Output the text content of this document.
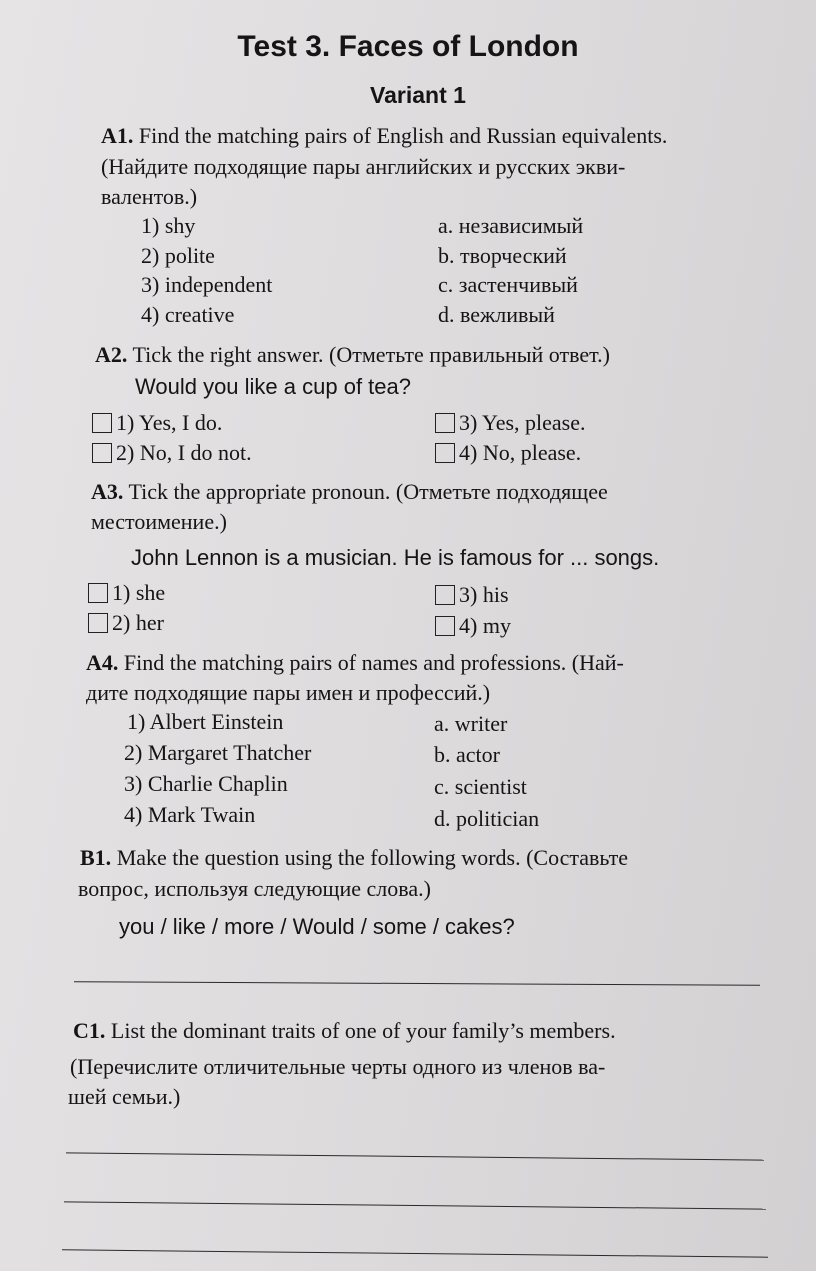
Test 3. Faces of London
Variant 1
A1. Find the matching pairs of English and Russian equivalents.
(Найдите подходящие пары английских и русских экви-
валентов.)
1) shy
2) polite
3) independent
4) creative
a. независимый
b. творческий
c. застенчивый
d. вежливый
A2. Tick the right answer. (Отметьте правильный ответ.)
Would you like a cup of tea?
1) Yes, I do.
2) No, I do not.
3) Yes, please.
4) No, please.
A3. Tick the appropriate pronoun. (Отметьте подходящее
местоимение.)
John Lennon is a musician. He is famous for ... songs.
1) she
2) her
3) his
4) my
A4. Find the matching pairs of names and professions. (Най-
дите подходящие пары имен и профессий.)
1) Albert Einstein
2) Margaret Thatcher
3) Charlie Chaplin
4) Mark Twain
a. writer
b. actor
c. scientist
d. politician
B1. Make the question using the following words. (Составьте
вопрос, используя следующие слова.)
you / like / more / Would / some / cakes?
C1. List the dominant traits of one of your family’s members.
(Перечислите отличительные черты одного из членов ва-
шей семьи.)
